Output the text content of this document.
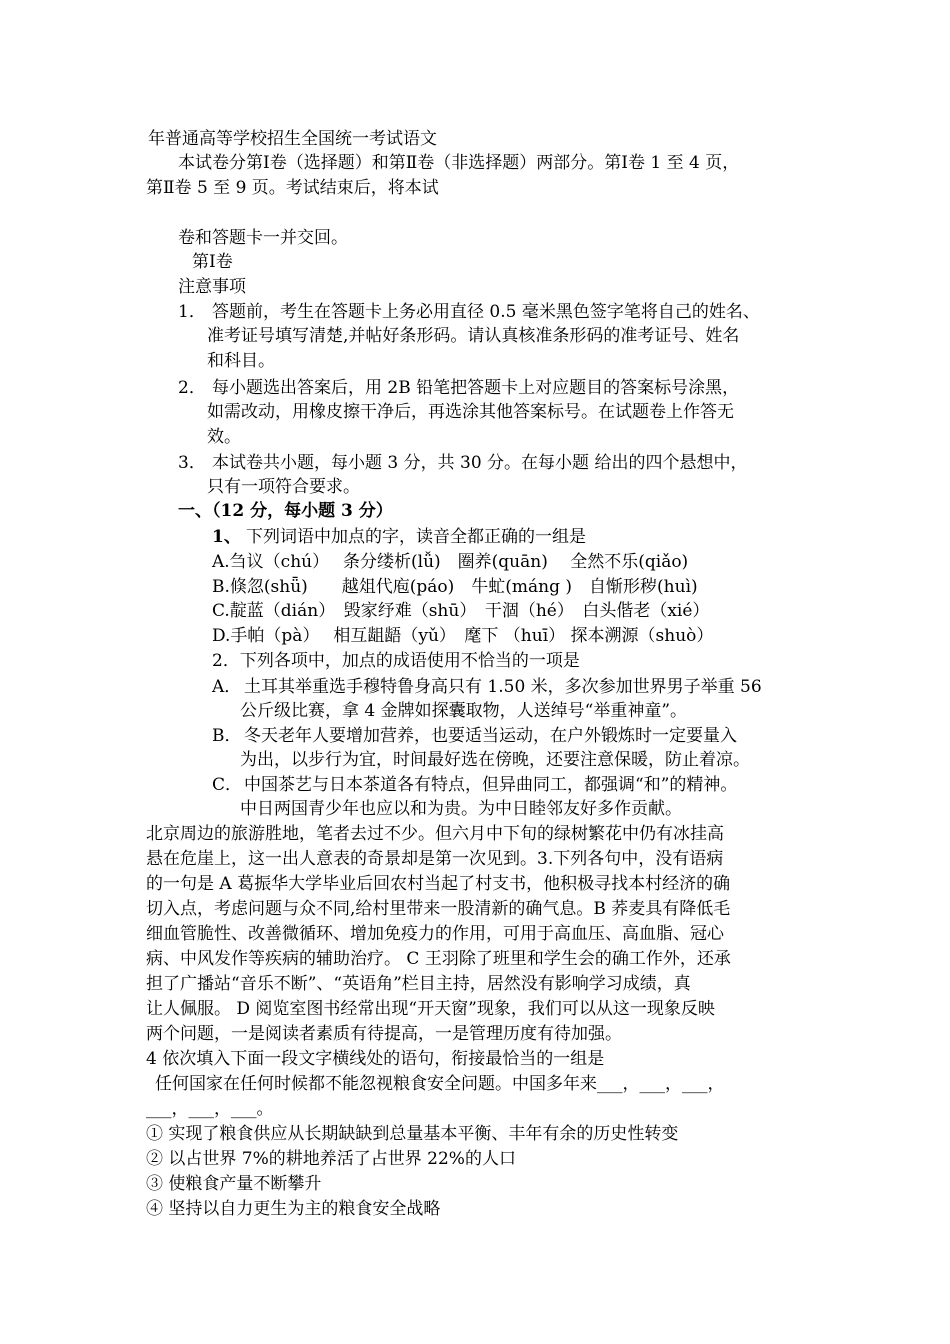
年普通高等学校招生全国统一考试语文
本试卷分第Ⅰ卷（选择题）和第Ⅱ卷（非选择题）两部分。第Ⅰ卷 1 至 4 页，
第Ⅱ卷 5 至 9 页。考试结束后，将本试
卷和答题卡一并交回。
第Ⅰ卷
注意事项
1． 答题前，考生在答题卡上务必用直径 0.5 毫米黑色签字笔将自己的姓名、
准考证号填写清楚,并帖好条形码。请认真核准条形码的准考证号、姓名
和科目。
2． 每小题选出答案后，用 2B 铅笔把答题卡上对应题目的答案标号涂黑，
如需改动，用橡皮擦干净后，再选涂其他答案标号。在试题卷上作答无
效。
3． 本试卷共小题，每小题 3 分，共 30 分。在每小题 给出的四个悬想中，
只有一项符合要求。
一、（12 分，每小题 3 分）
1、 下列词语中加点的字，读音全都正确的一组是
A.刍议（chú）　 条分缕析(lǚ)　圈养(quān)　 全然不乐(qiǎo)
B.倏忽(shǖ)　　越俎代庖(páo)　牛虻(máng )　自惭形秽(huì)
C.靛蓝（dián）　毁家纾难（shū）　干涸（hé）　白头偕老（xié）
D.手帕（pà）　 相互龃龉（yǔ）　麾下 （huī） 探本溯源（shuò）
2．下列各项中，加点的成语使用不恰当的一项是
A． 土耳其举重选手穆特鲁身高只有 1.50 米，多次参加世界男子举重 56
公斤级比赛，拿 4 金牌如探囊取物，人送绰号“举重神童”。
B． 冬天老年人要增加营养，也要适当运动，在户外锻炼时一定要量入
为出，以步行为宜，时间最好选在傍晚，还要注意保暖，防止着凉。
C． 中国茶艺与日本茶道各有特点，但异曲同工，都强调“和”的精神。
中日两国青少年也应以和为贵。为中日睦邻友好多作贡献。
北京周边的旅游胜地，笔者去过不少。但六月中下旬的绿树繁花中仍有冰挂高
悬在危崖上，这一出人意表的奇景却是第一次见到。3.下列各句中，没有语病
的一句是 A 葛振华大学毕业后回农村当起了村支书，他积极寻找本村经济的确
切入点，考虑问题与众不同,给村里带来一股清新的确气息。B 荞麦具有降低毛
细血管脆性、改善微循环、增加免疫力的作用，可用于高血压、高血脂、冠心
病、中风发作等疾病的辅助治疗。 C 王羽除了班里和学生会的确工作外，还承
担了广播站“音乐不断”、“英语角”栏目主持，居然没有影响学习成绩，真
让人佩服。 D 阅览室图书经常出现“开天窗”现象，我们可以从这一现象反映
两个问题，一是阅读者素质有待提高，一是管理历度有待加强。
4 依次填入下面一段文字横线处的语句，衔接最恰当的一组是
任何国家在任何时候都不能忽视粮食安全问题。中国多年来___，___，___，
___，___，___。
① 实现了粮食供应从长期缺缺到总量基本平衡、丰年有余的历史性转变
② 以占世界 7%的耕地养活了占世界 22%的人口
③ 使粮食产量不断攀升
④ 坚持以自力更生为主的粮食安全战略
